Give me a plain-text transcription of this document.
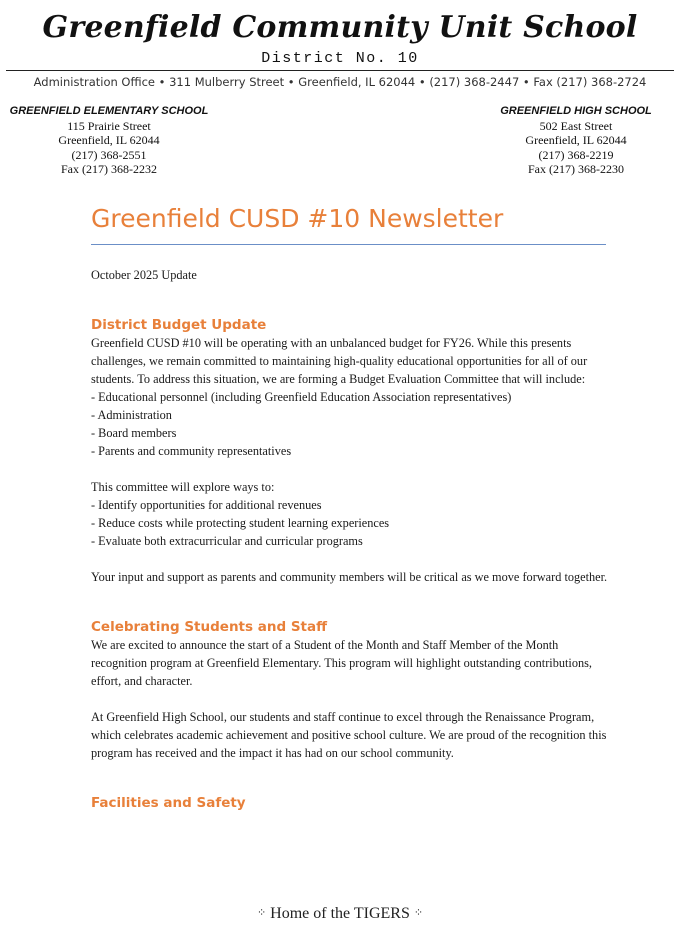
Greenfield Community Unit School
District No. 10
Administration Office • 311 Mulberry Street • Greenfield, IL 62044 • (217) 368-2447 • Fax (217) 368-2724
GREENFIELD ELEMENTARY SCHOOL
115 Prairie Street
Greenfield, IL 62044
(217) 368-2551
Fax (217) 368-2232
GREENFIELD HIGH SCHOOL
502 East Street
Greenfield, IL 62044
(217) 368-2219
Fax (217) 368-2230
Greenfield CUSD #10 Newsletter

October 2025 Update

District Budget Update

Greenfield CUSD #10 will be operating with an unbalanced budget for FY26. While this presents challenges, we remain committed to maintaining high-quality educational opportunities for all of our students. To address this situation, we are forming a Budget Evaluation Committee that will include:

- Educational personnel (including Greenfield Education Association representatives)

- Administration

- Board members

- Parents and community representatives

This committee will explore ways to:

- Identify opportunities for additional revenues

- Reduce costs while protecting student learning experiences

- Evaluate both extracurricular and curricular programs

Your input and support as parents and community members will be critical as we move forward together.

Celebrating Students and Staff

We are excited to announce the start of a Student of the Month and Staff Member of the Month recognition program at Greenfield Elementary. This program will highlight outstanding contributions, effort, and character.

At Greenfield High School, our students and staff continue to excel through the Renaissance Program, which celebrates academic achievement and positive school culture. We are proud of the recognition this program has received and the impact it has had on our school community.

Facilities and Safety
⁘ Home of the TIGERS ⁘
